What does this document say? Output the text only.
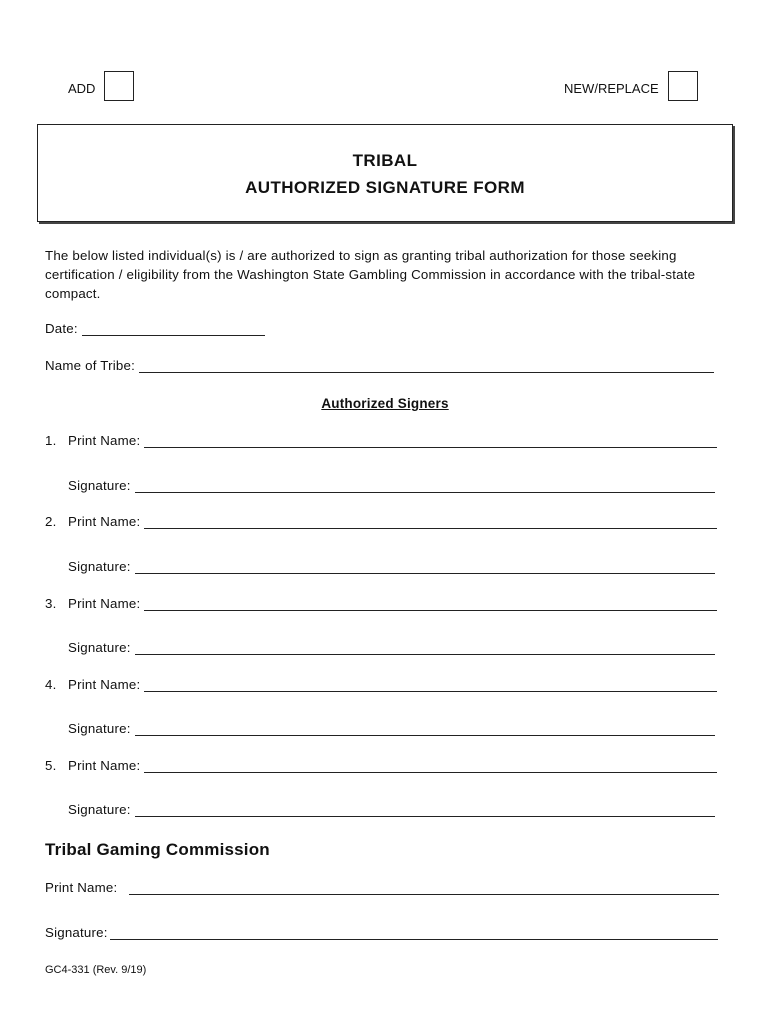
ADD	NEW/REPLACE
TRIBAL
AUTHORIZED SIGNATURE FORM
The below listed individual(s) is / are authorized to sign as granting tribal authorization for those seeking certification / eligibility from the Washington State Gambling Commission in accordance with the tribal-state compact.
Date:
Name of Tribe:
Authorized Signers
1. Print Name:
Signature:
2. Print Name:
Signature:
3. Print Name:
Signature:
4. Print Name:
Signature:
5. Print Name:
Signature:
Tribal Gaming Commission
Print Name:
Signature:
GC4-331 (Rev. 9/19)
